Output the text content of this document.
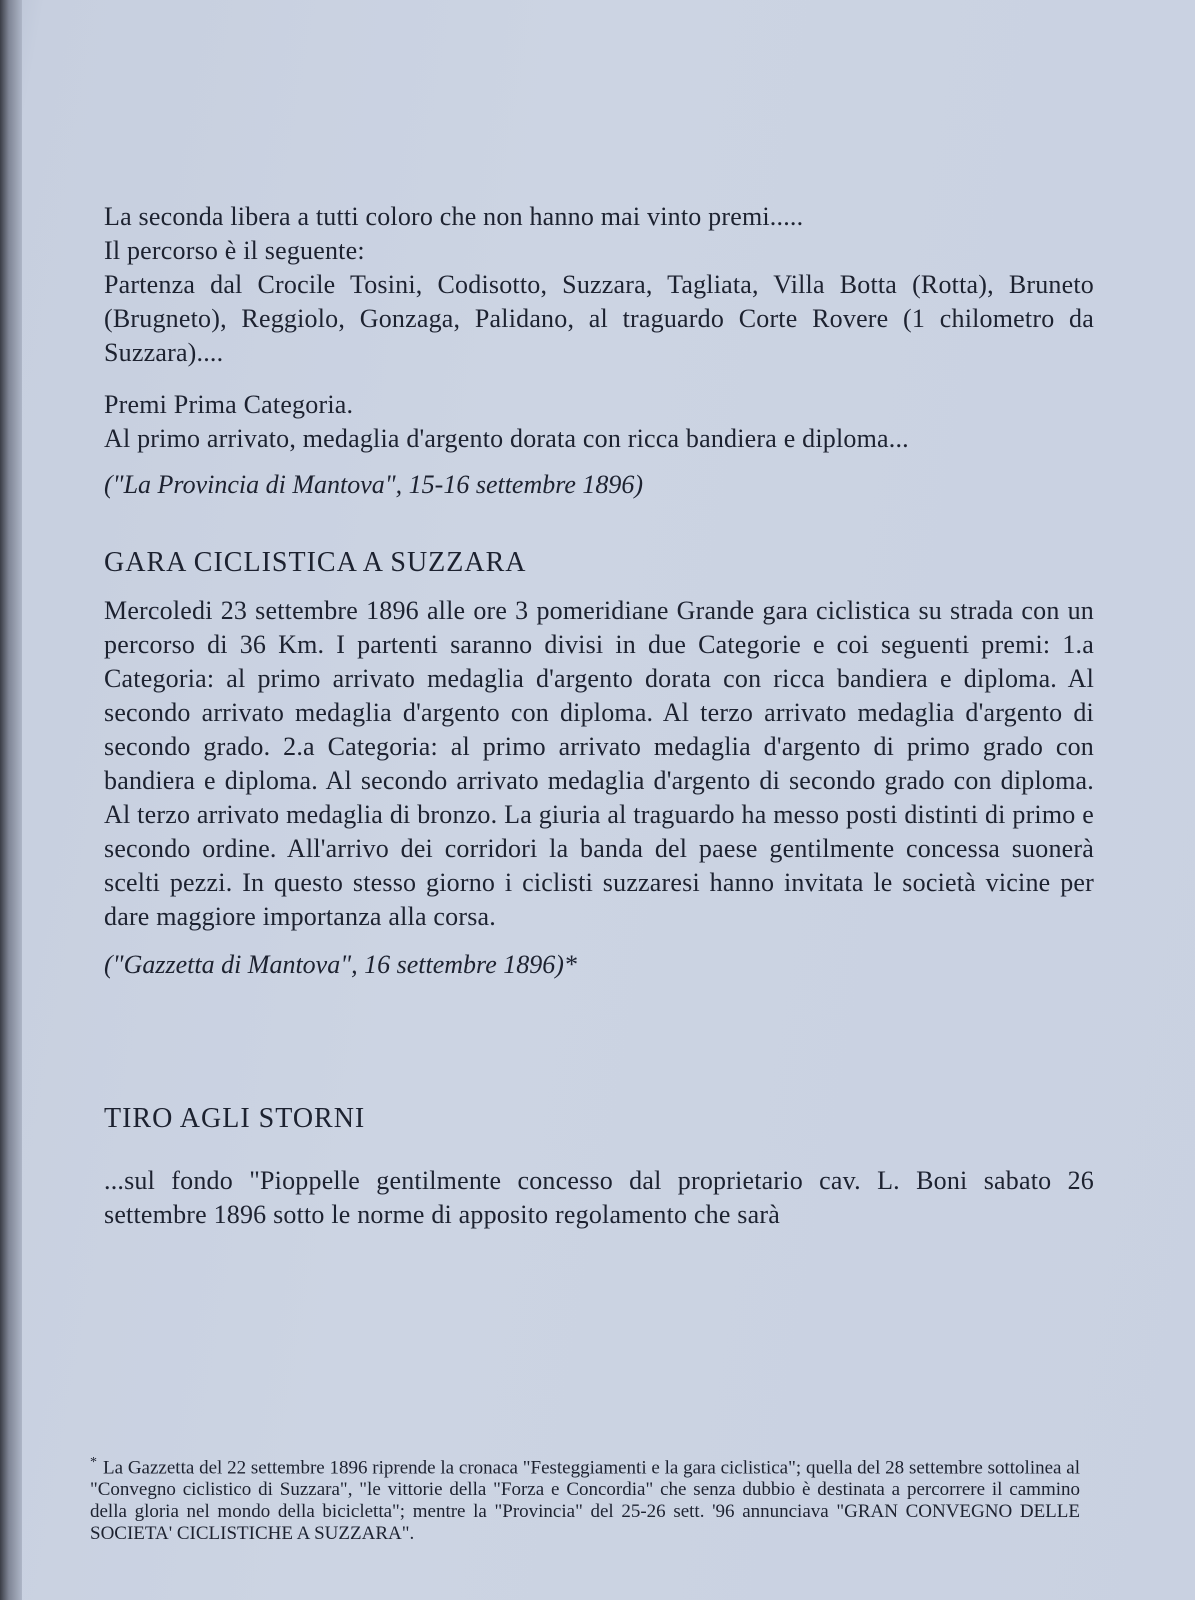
La seconda libera a tutti coloro che non hanno mai vinto premi.....

Il percorso è il seguente:

Partenza dal Crocile Tosini, Codisotto, Suzzara, Tagliata, Villa Botta (Rotta), Bruneto (Brugneto), Reggiolo, Gonzaga, Palidano, al traguardo Corte Rovere (1 chilometro da Suzzara)....

Premi Prima Categoria.

Al primo arrivato, medaglia d'argento dorata con ricca bandiera e diploma...

("La Provincia di Mantova", 15-16 settembre 1896)

GARA CICLISTICA A SUZZARA

Mercoledi 23 settembre 1896 alle ore 3 pomeridiane Grande gara ciclistica su strada con un percorso di 36 Km. I partenti saranno divisi in due Categorie e coi seguenti premi: 1.a Categoria: al primo arrivato medaglia d'argento dorata con ricca bandiera e diploma. Al secondo arrivato medaglia d'argento con diploma. Al terzo arrivato medaglia d'argento di secondo grado. 2.a Categoria: al primo arrivato medaglia d'argento di primo grado con bandiera e diploma. Al secondo arrivato medaglia d'argento di secondo grado con diploma. Al terzo arrivato medaglia di bronzo. La giuria al traguardo ha messo posti distinti di primo e secondo ordine. All'arrivo dei corridori la banda del paese gentilmente concessa suonerà scelti pezzi. In questo stesso giorno i ciclisti suzzaresi hanno invitata le società vicine per dare maggiore importanza alla corsa.

("Gazzetta di Mantova", 16 settembre 1896)*

TIRO AGLI STORNI

...sul fondo "Pioppelle gentilmente concesso dal proprietario cav. L. Boni sabato 26 settembre 1896 sotto le norme di apposito regolamento che sarà

* La Gazzetta del 22 settembre 1896 riprende la cronaca "Festeggiamenti e la gara ciclistica"; quella del 28 settembre sottolinea al "Convegno ciclistico di Suzzara", "le vittorie della "Forza e Concordia" che senza dubbio è destinata a percorrere il cammino della gloria nel mondo della bicicletta"; mentre la "Provincia" del 25-26 sett. '96 annunciava "GRAN CONVEGNO DELLE SOCIETA' CICLISTICHE A SUZZARA".
